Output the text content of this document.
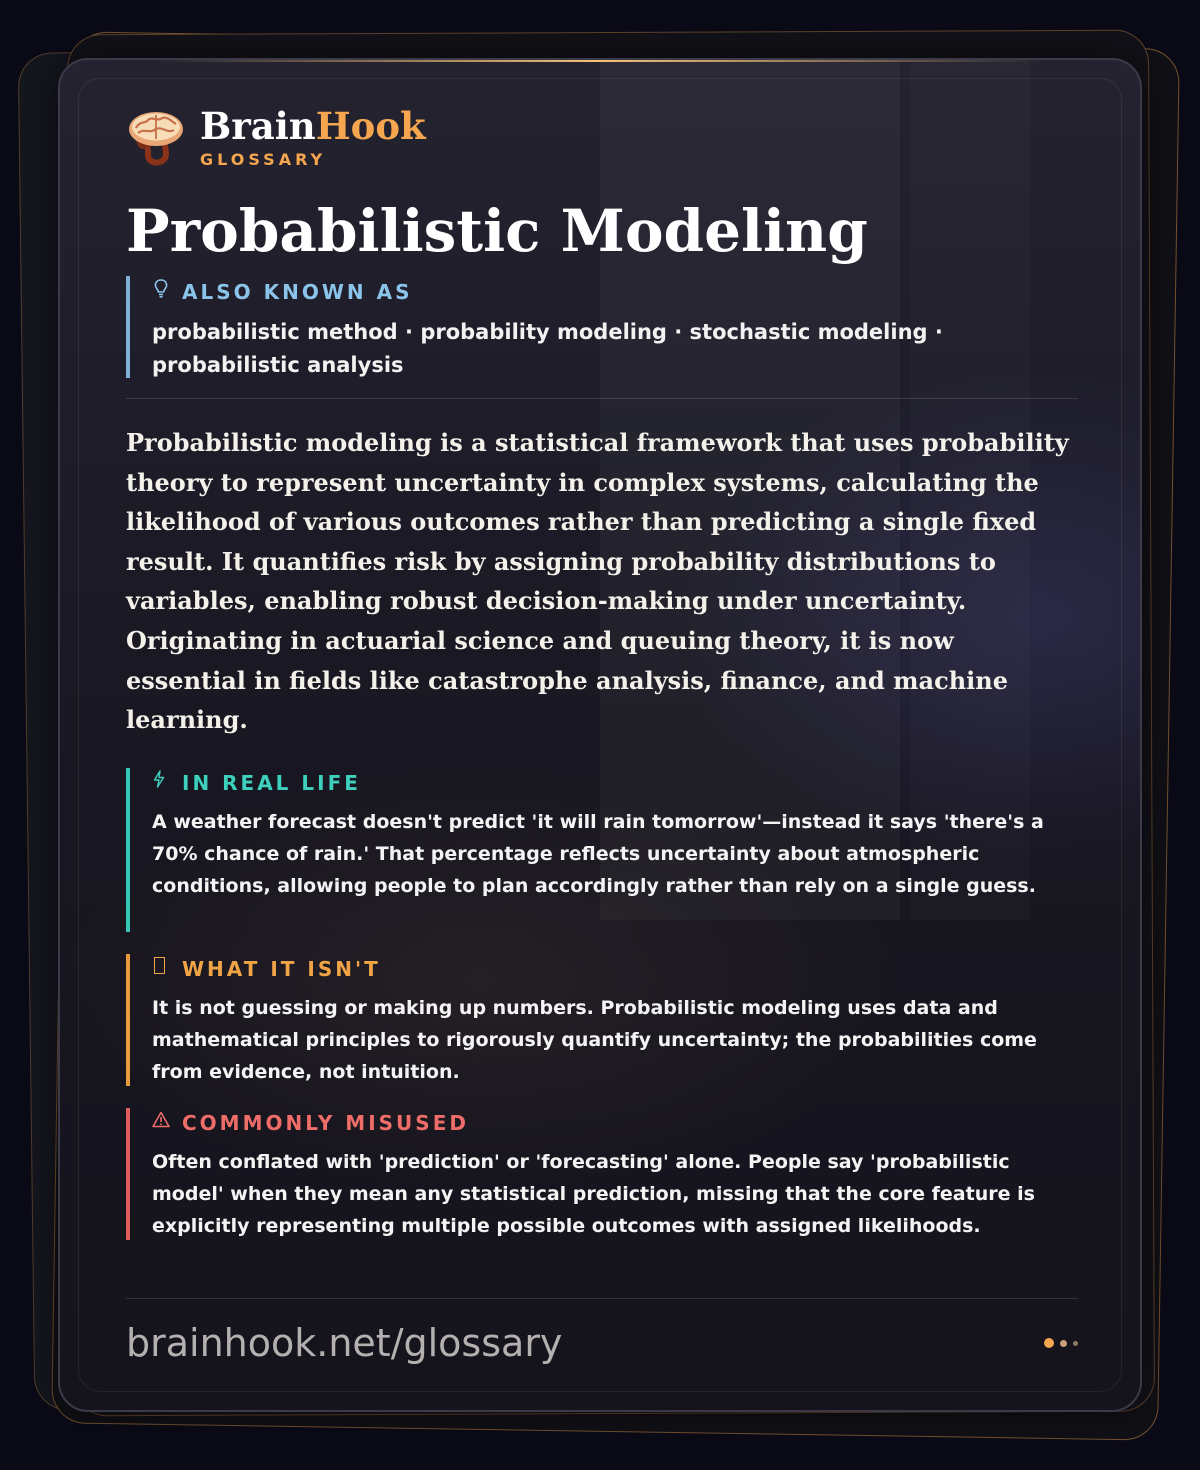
BrainHook
GLOSSARY
Probabilistic Modeling
ALSO KNOWN AS
probabilistic method · probability modeling · stochastic modeling · probabilistic analysis
Probabilistic modeling is a statistical framework that uses probability theory to represent uncertainty in complex systems, calculating the likelihood of various outcomes rather than predicting a single fixed result. It quantifies risk by assigning probability distributions to variables, enabling robust decision-making under uncertainty. Originating in actuarial science and queuing theory, it is now essential in fields like catastrophe analysis, finance, and machine learning.
IN REAL LIFE
A weather forecast doesn't predict 'it will rain tomorrow'—instead it says 'there's a 70% chance of rain.' That percentage reflects uncertainty about atmospheric conditions, allowing people to plan accordingly rather than rely on a single guess.
WHAT IT ISN'T
It is not guessing or making up numbers. Probabilistic modeling uses data and mathematical principles to rigorously quantify uncertainty; the probabilities come from evidence, not intuition.
COMMONLY MISUSED
Often conflated with 'prediction' or 'forecasting' alone. People say 'probabilistic model' when they mean any statistical prediction, missing that the core feature is explicitly representing multiple possible outcomes with assigned likelihoods.
brainhook.net/glossary
